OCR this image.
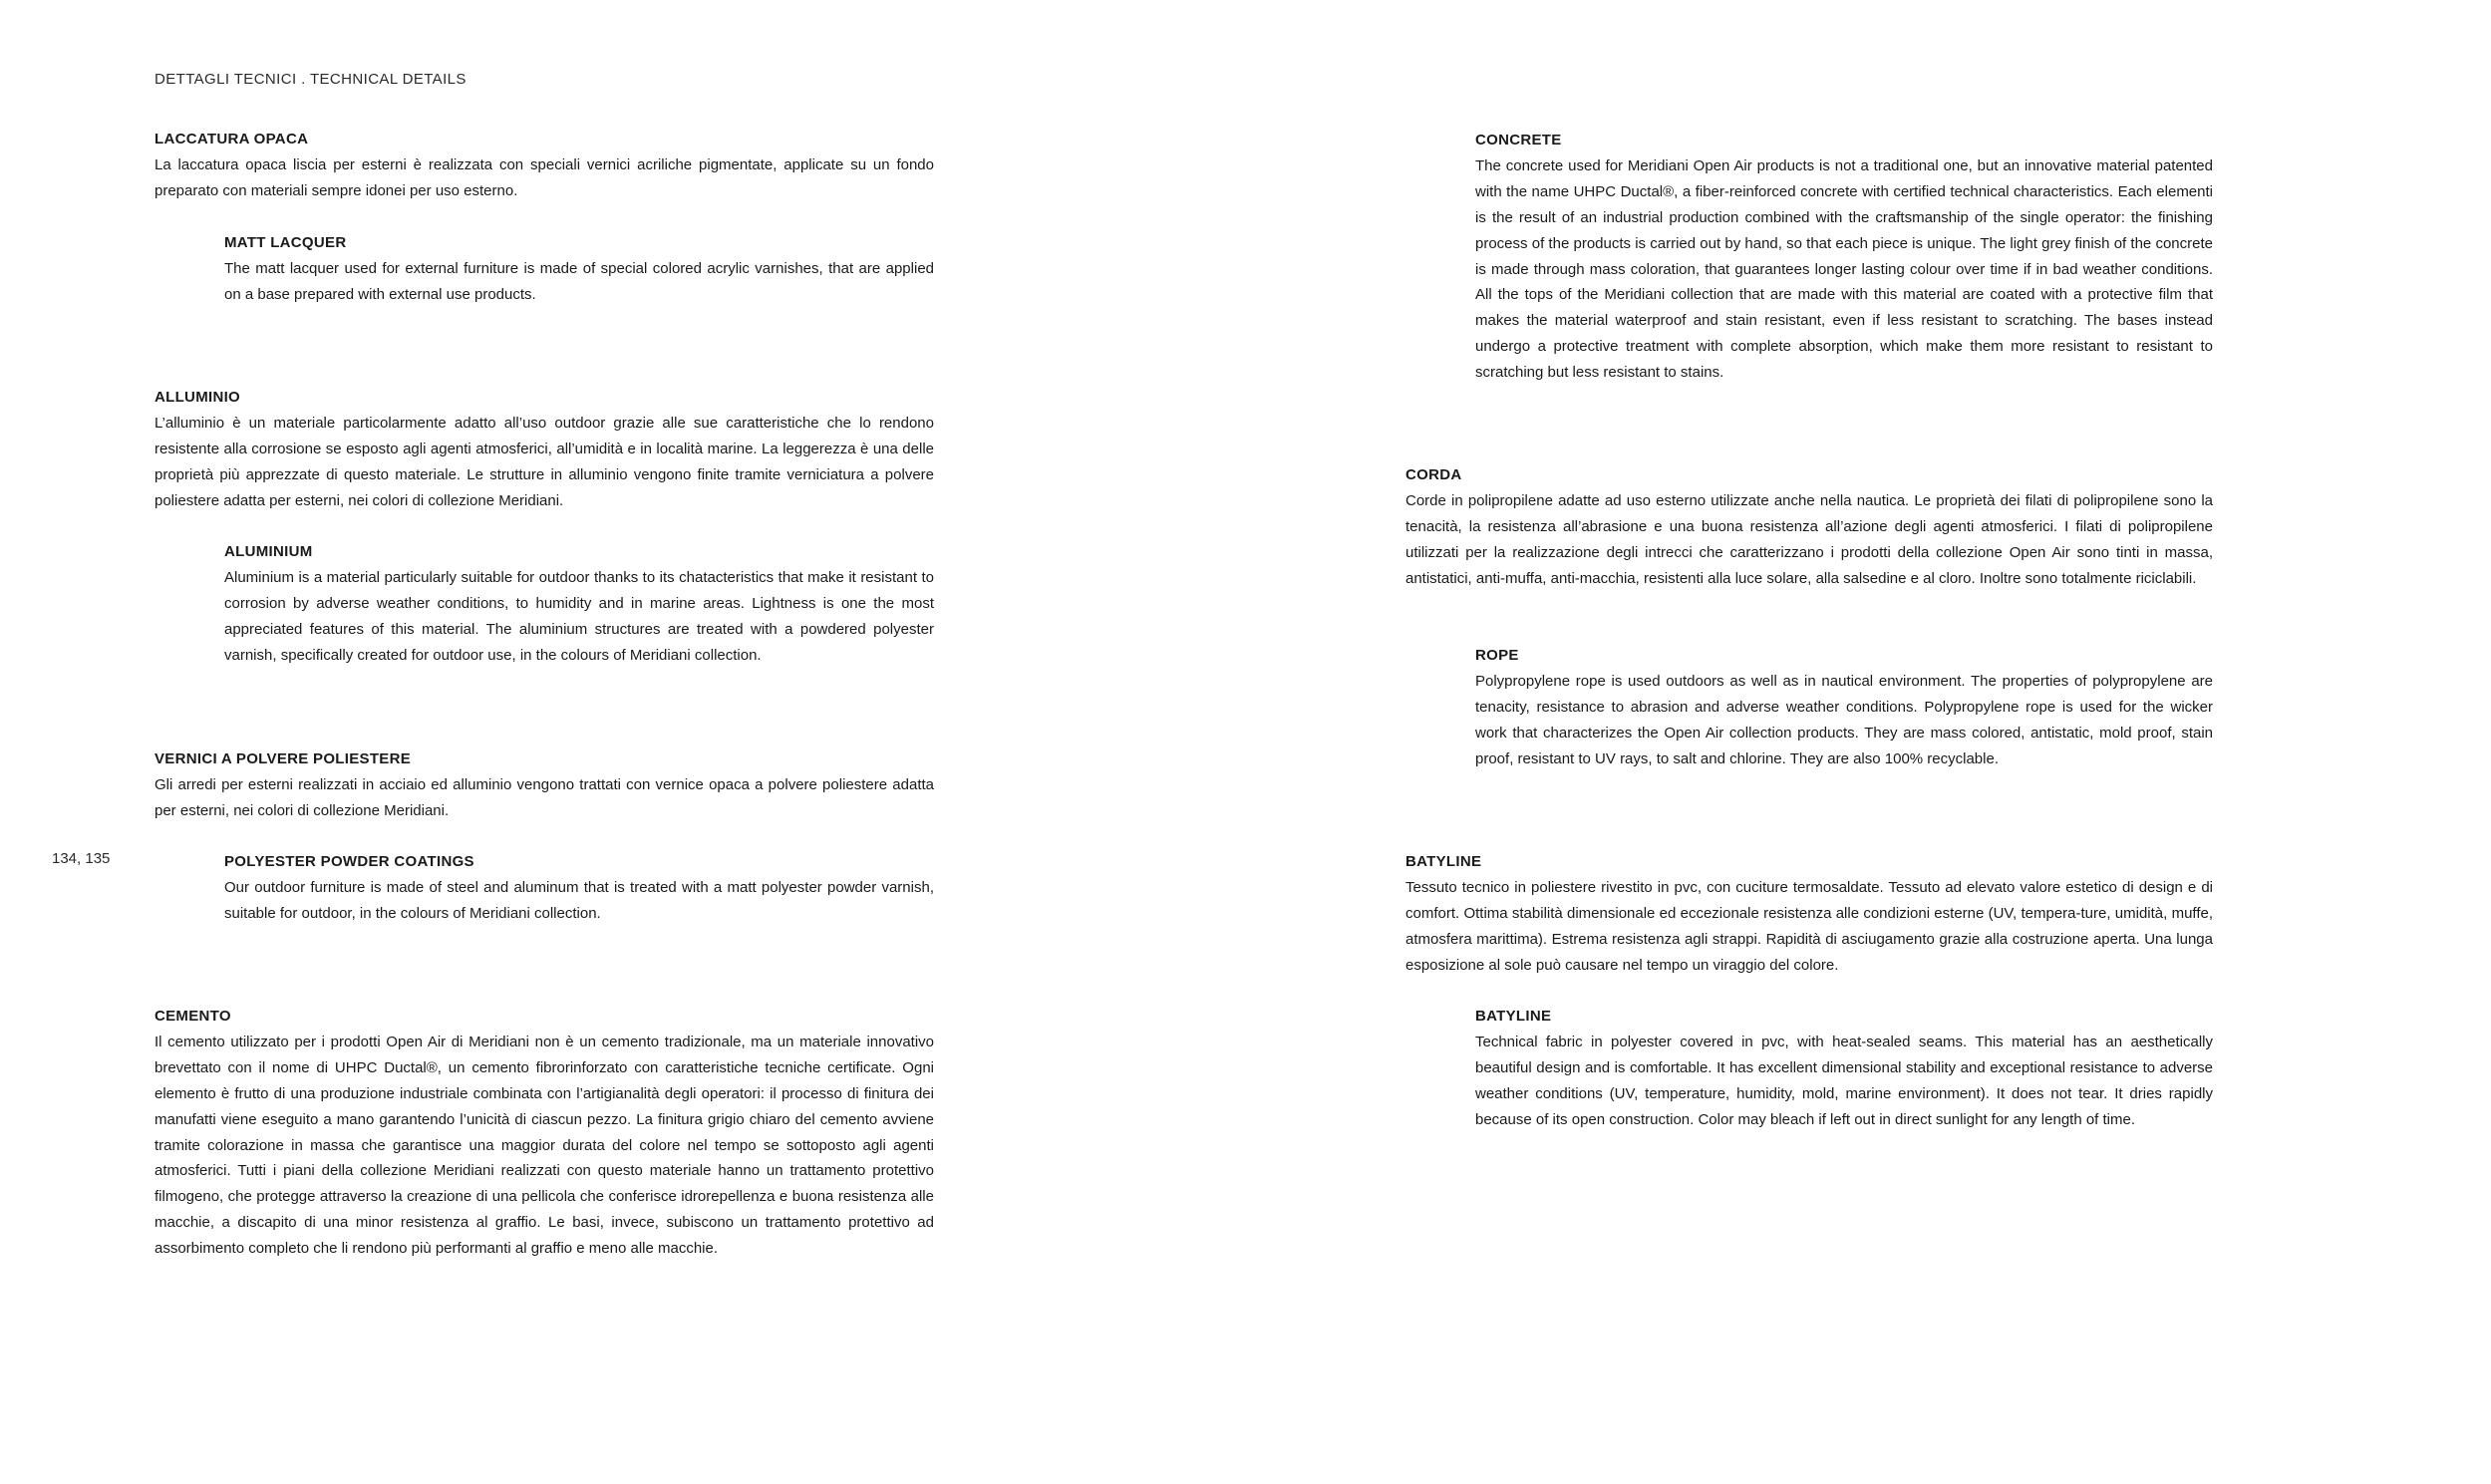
DETTAGLI TECNICI . TECHNICAL DETAILS
134, 135
LACCATURA OPACA
La laccatura opaca liscia per esterni è realizzata con speciali vernici acriliche pigmentate, applicate su un fondo preparato con materiali sempre idonei per uso esterno.
MATT LACQUER
The matt lacquer used for external furniture is made of special colored acrylic varnishes, that are applied on a base prepared with external use products.
ALLUMINIO
L’alluminio è un materiale particolarmente adatto all’uso outdoor grazie alle sue caratteristiche che lo rendono resistente alla corrosione se esposto agli agenti atmosferici, all’umidità e in località marine. La leggerezza è una delle proprietà più apprezzate di questo materiale. Le strutture in alluminio vengono finite tramite verniciatura a polvere poliestere adatta per esterni, nei colori di collezione Meridiani.
ALUMINIUM
Aluminium is a material particularly suitable for outdoor thanks to its chatacteristics that make it resistant to corrosion by adverse weather conditions, to humidity and in marine areas. Lightness is one the most appreciated features of this material. The aluminium structures are treated with a powdered polyester varnish, specifically created for outdoor use, in the colours of Meridiani collection.
VERNICI A POLVERE POLIESTERE
Gli arredi per esterni realizzati in acciaio ed alluminio vengono trattati con vernice opaca a polvere poliestere adatta per esterni, nei colori di collezione Meridiani.
POLYESTER POWDER COATINGS
Our outdoor furniture is made of steel and aluminum that is treated with a matt polyester powder varnish, suitable for outdoor, in the colours of Meridiani collection.
CEMENTO
Il cemento utilizzato per i prodotti Open Air di Meridiani non è un cemento tradizionale, ma un materiale innovativo brevettato con il nome di UHPC Ductal®, un cemento fibrorinforzato con caratteristiche tecniche certificate. Ogni elemento è frutto di una produzione industriale combinata con l’artigianalità degli operatori: il processo di finitura dei manufatti viene eseguito a mano garantendo l’unicità di ciascun pezzo. La finitura grigio chiaro del cemento avviene tramite colorazione in massa che garantisce una maggior durata del colore nel tempo se sottoposto agli agenti atmosferici. Tutti i piani della collezione Meridiani realizzati con questo materiale hanno un trattamento protettivo filmogeno, che protegge attraverso la creazione di una pellicola che conferisce idrorepellenza e buona resistenza alle macchie, a discapito di una minor resistenza al graffio. Le basi, invece, subiscono un trattamento protettivo ad assorbimento completo che li rendono più performanti al graffio e meno alle macchie.
CONCRETE
The concrete used for Meridiani Open Air products is not a traditional one, but an innovative material patented with the name UHPC Ductal®, a fiber-reinforced concrete with certified technical characteristics. Each elementi is the result of an industrial production combined with the craftsmanship of the single operator: the finishing process of the products is carried out by hand, so that each piece is unique. The light grey finish of the concrete is made through mass coloration, that guarantees longer lasting colour over time if in bad weather conditions. All the tops of the Meridiani collection that are made with this material are coated with a protective film that makes the material waterproof and stain resistant, even if less resistant to scratching. The bases instead undergo a protective treatment with complete absorption, which make them more resistant to resistant to scratching but less resistant to stains.
CORDA
Corde in polipropilene adatte ad uso esterno utilizzate anche nella nautica. Le proprietà dei filati di polipropilene sono la tenacità, la resistenza all’abrasione e una buona resistenza all’azione degli agenti atmosferici. I filati di polipropilene utilizzati per la realizzazione degli intrecci che caratterizzano i prodotti della collezione Open Air sono tinti in massa, antistatici, anti-muffa, anti-macchia, resistenti alla luce solare, alla salsedine e al cloro. Inoltre sono totalmente riciclabili.
ROPE
Polypropylene rope is used outdoors as well as in nautical environment. The properties of polypropylene are tenacity, resistance to abrasion and adverse weather conditions. Polypropylene rope is used for the wicker work that characterizes the Open Air collection products. They are mass colored, antistatic, mold proof, stain proof, resistant to UV rays, to salt and chlorine. They are also 100% recyclable.
BATYLINE
Tessuto tecnico in poliestere rivestito in pvc, con cuciture termosaldate. Tessuto ad elevato valore estetico di design e di comfort. Ottima stabilità dimensionale ed eccezionale resistenza alle condizioni esterne (UV, tempera-ture, umidità, muffe, atmosfera marittima). Estrema resistenza agli strappi. Rapidità di asciugamento grazie alla costruzione aperta. Una lunga esposizione al sole può causare nel tempo un viraggio del colore.
BATYLINE
Technical fabric in polyester covered in pvc, with heat-sealed seams. This material has an aesthetically beautiful design and is comfortable. It has excellent dimensional stability and exceptional resistance to adverse weather conditions (UV, temperature, humidity, mold, marine environment). It does not tear. It dries rapidly because of its open construction. Color may bleach if left out in direct sunlight for any length of time.
